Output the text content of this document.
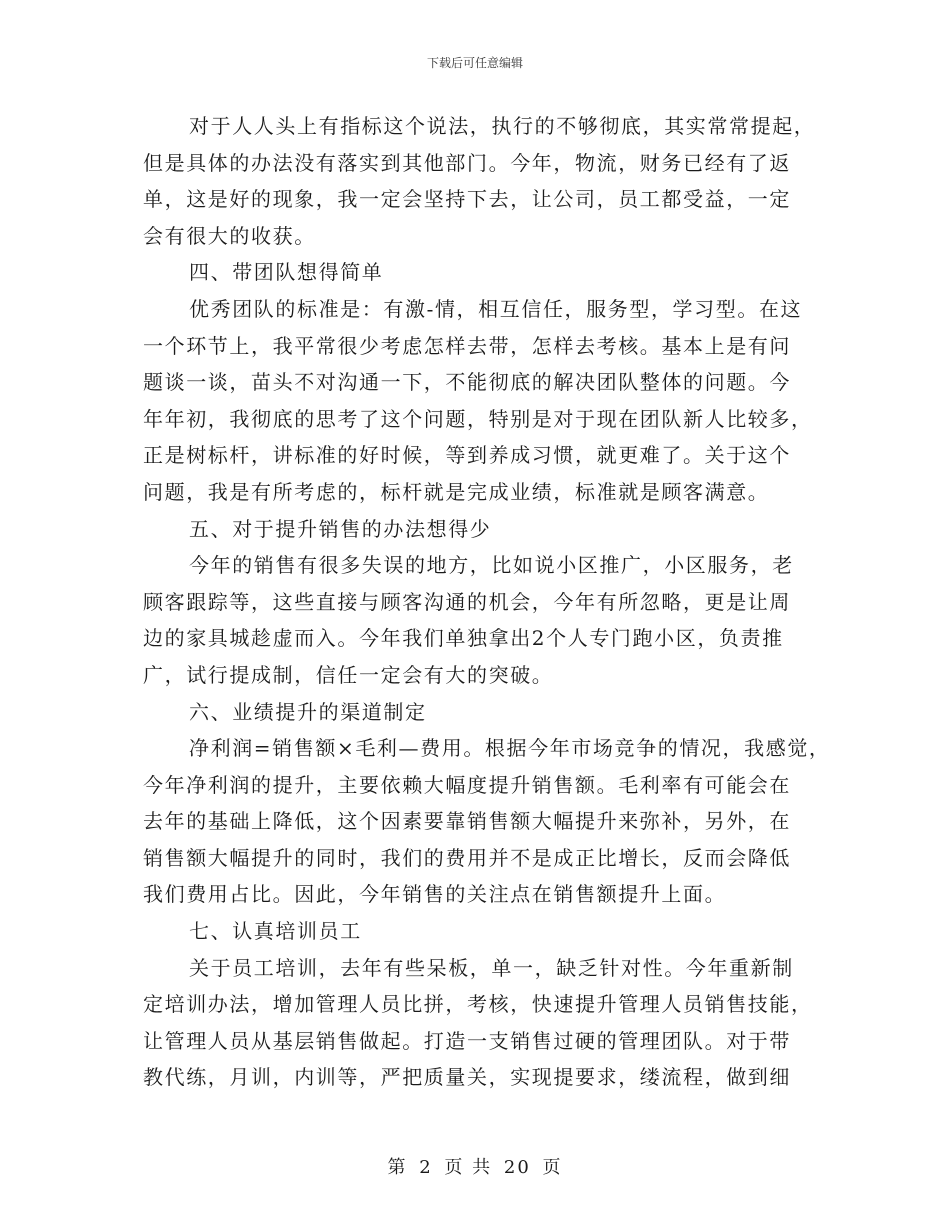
下载后可任意编辑
对于人人头上有指标这个说法，执行的不够彻底，其实常常提起，
但是具体的办法没有落实到其他部门。今年，物流，财务已经有了返
单，这是好的现象，我一定会坚持下去，让公司，员工都受益，一定
会有很大的收获。
四、带团队想得简单
优秀团队的标准是：有激-情，相互信任，服务型，学习型。在这
一个环节上，我平常很少考虑怎样去带，怎样去考核。基本上是有问
题谈一谈，苗头不对沟通一下，不能彻底的解决团队整体的问题。今
年年初，我彻底的思考了这个问题，特别是对于现在团队新人比较多，
正是树标杆，讲标准的好时候，等到养成习惯，就更难了。关于这个
问题，我是有所考虑的，标杆就是完成业绩，标准就是顾客满意。
五、对于提升销售的办法想得少
今年的销售有很多失误的地方，比如说小区推广，小区服务，老
顾客跟踪等，这些直接与顾客沟通的机会，今年有所忽略，更是让周
边的家具城趁虚而入。今年我们单独拿出2个人专门跑小区，负责推
广，试行提成制，信任一定会有大的突破。
六、业绩提升的渠道制定
净利润=销售额×毛利—费用。根据今年市场竞争的情况，我感觉，
今年净利润的提升，主要依赖大幅度提升销售额。毛利率有可能会在
去年的基础上降低，这个因素要靠销售额大幅提升来弥补，另外，在
销售额大幅提升的同时，我们的费用并不是成正比增长，反而会降低
我们费用占比。因此，今年销售的关注点在销售额提升上面。
七、认真培训员工
关于员工培训，去年有些呆板，单一，缺乏针对性。今年重新制
定培训办法，增加管理人员比拼，考核，快速提升管理人员销售技能，
让管理人员从基层销售做起。打造一支销售过硬的管理团队。对于带
教代练，月训，内训等，严把质量关，实现提要求，缕流程，做到细
第 2 页 共 20 页
